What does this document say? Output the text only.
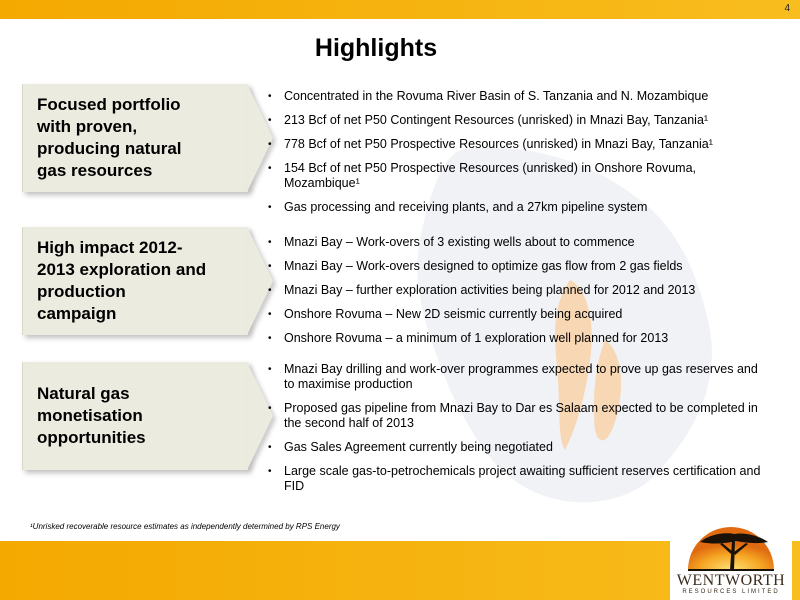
4
Highlights
Focused portfolio with proven, producing natural gas resources
• Concentrated in the Rovuma River Basin of S. Tanzania and N. Mozambique
• 213 Bcf of net P50 Contingent Resources (unrisked) in Mnazi Bay, Tanzania¹
• 778 Bcf of net P50 Prospective Resources (unrisked) in Mnazi Bay, Tanzania¹
• 154 Bcf of net P50 Prospective Resources (unrisked) in Onshore Rovuma, Mozambique¹
• Gas processing and receiving plants, and a 27km pipeline system
High impact 2012-2013 exploration and production campaign
• Mnazi Bay – Work-overs of 3 existing wells about to commence
• Mnazi Bay – Work-overs designed to optimize gas flow from 2 gas fields
• Mnazi Bay – further exploration activities being planned for 2012 and 2013
• Onshore Rovuma – New 2D seismic currently being acquired
• Onshore Rovuma – a minimum of 1 exploration well planned for 2013
Natural gas monetisation opportunities
• Mnazi Bay drilling and work-over programmes expected to prove up gas reserves and to maximise production
• Proposed gas pipeline from Mnazi Bay to Dar es Salaam expected to be completed in the second half of 2013
• Gas Sales Agreement currently being negotiated
• Large scale gas-to-petrochemicals project awaiting sufficient reserves certification and FID
¹Unrisked recoverable resource estimates as independently determined by RPS Energy
WENTWORTH
RESOURCES LIMITED
